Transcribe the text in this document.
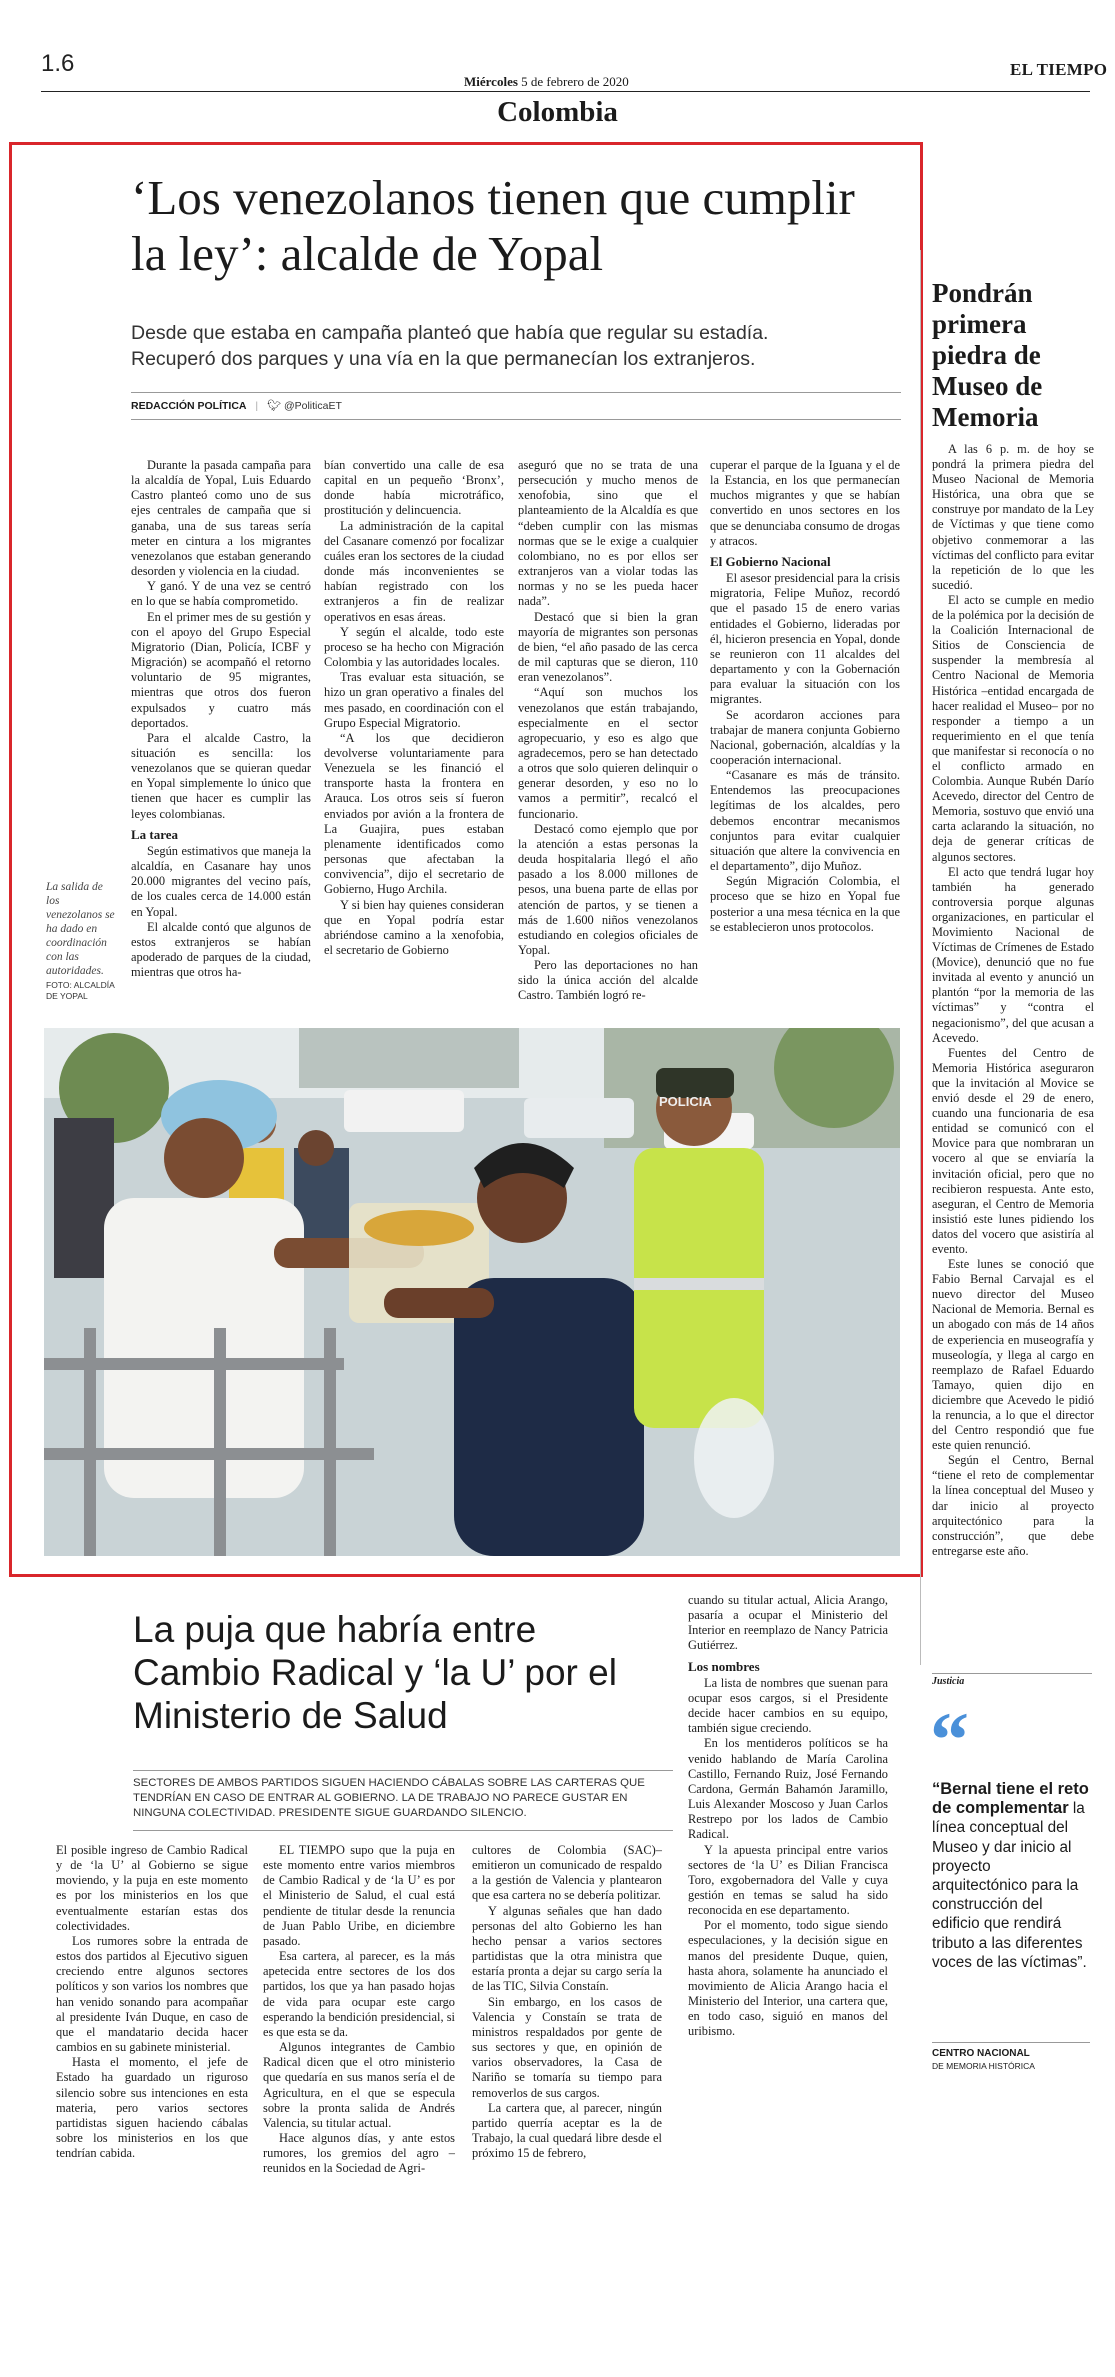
1.6
Miércoles 5 de febrero de 2020
EL TIEMPO
Colombia
‘Los venezolanos tienen que cumplir la ley’: alcalde de Yopal
Desde que estaba en campaña planteó que había que regular su estadía. Recuperó dos parques y una vía en la que permanecían los extranjeros.
REDACCIÓN POLÍTICA | 🐦︎ @PoliticaET
La salida de los venezolanos se ha dado en coordinación con las autoridades.
FOTO: ALCALDÍA DE YOPAL

Durante la pasada campaña para la alcaldía de Yopal, Luis Eduardo Castro planteó como uno de sus ejes centrales de campaña que si ganaba, una de sus tareas sería meter en cintura a los migrantes venezolanos que estaban generando desorden y violencia en la ciudad.

Y ganó. Y de una vez se centró en lo que se había comprometido.

En el primer mes de su gestión y con el apoyo del Grupo Especial Migratorio (Dian, Policía, ICBF y Migración) se acompañó el retorno voluntario de 95 migrantes, mientras que otros dos fueron expulsados y cuatro más deportados.

Para el alcalde Castro, la situación es sencilla: los venezolanos que se quieran quedar en Yopal simplemente lo único que tienen que hacer es cumplir las leyes colombianas.

La tarea

Según estimativos que maneja la alcaldía, en Casanare hay unos 20.000 migrantes del vecino país, de los cuales cerca de 14.000 están en Yopal.

El alcalde contó que algunos de estos extranjeros se habían apoderado de parques de la ciudad, mientras que otros ha-

bían convertido una calle de esa capital en un pequeño ‘Bronx’, donde había microtráfico, prostitución y delincuencia.

La administración de la capital del Casanare comenzó por focalizar cuáles eran los sectores de la ciudad donde más inconvenientes se habían registrado con los extranjeros a fin de realizar operativos en esas áreas.

Y según el alcalde, todo este proceso se ha hecho con Migración Colombia y las autoridades locales.

Tras evaluar esta situación, se hizo un gran operativo a finales del mes pasado, en coordinación con el Grupo Especial Migratorio.

“A los que decidieron devolverse voluntariamente para Venezuela se les financió el transporte hasta la frontera en Arauca. Los otros seis sí fueron enviados por avión a la frontera de La Guajira, pues estaban plenamente identificados como personas que afectaban la convivencia”, dijo el secretario de Gobierno, Hugo Archila.

Y si bien hay quienes consideran que en Yopal podría estar abriéndose camino a la xenofobia, el secretario de Gobierno

aseguró que no se trata de una persecución y mucho menos de xenofobia, sino que el planteamiento de la Alcaldía es que “deben cumplir con las mismas normas que se le exige a cualquier colombiano, no es por ellos ser extranjeros van a violar todas las normas y no se les pueda hacer nada”.

Destacó que si bien la gran mayoría de migrantes son personas de bien, “el año pasado de las cerca de mil capturas que se dieron, 110 eran venezolanos”.

“Aquí son muchos los venezolanos que están trabajando, especialmente en el sector agropecuario, y eso es algo que agradecemos, pero se han detectado a otros que solo quieren delinquir o generar desorden, y eso no lo vamos a permitir”, recalcó el funcionario.

Destacó como ejemplo que por la atención a estas personas la deuda hospitalaria llegó el año pasado a los 8.000 millones de pesos, una buena parte de ellas por atención de partos, y se tienen a más de 1.600 niños venezolanos estudiando en colegios oficiales de Yopal.

Pero las deportaciones no han sido la única acción del alcalde Castro. También logró re-

cuperar el parque de la Iguana y el de la Estancia, en los que permanecían muchos migrantes y que se habían convertido en unos sectores en los que se denunciaba consumo de drogas y atracos.

El Gobierno Nacional

El asesor presidencial para la crisis migratoria, Felipe Muñoz, recordó que el pasado 15 de enero varias entidades el Gobierno, lideradas por él, hicieron presencia en Yopal, donde se reunieron con 11 alcaldes del departamento y con la Gobernación para evaluar la situación con los migrantes.

Se acordaron acciones para trabajar de manera conjunta Gobierno Nacional, gobernación, alcaldías y la cooperación internacional.

“Casanare es más de tránsito. Entendemos las preocupaciones legítimas de los alcaldes, pero debemos encontrar mecanismos conjuntos para evitar cualquier situación que altere la convivencia en el departamento”, dijo Muñoz.

Según Migración Colombia, el proceso que se hizo en Yopal fue posterior a una mesa técnica en la que se establecieron unos protocolos.

POLICIA
Pondrán primera piedra de Museo de Memoria

A las 6 p. m. de hoy se pondrá la primera piedra del Museo Nacional de Memoria Histórica, una obra que se construye por mandato de la Ley de Víctimas y que tiene como objetivo conmemorar a las víctimas del conflicto para evitar la repetición de lo que les sucedió.

El acto se cumple en medio de la polémica por la decisión de la Coalición Internacional de Sitios de Consciencia de suspender la membresía al Centro Nacional de Memoria Histórica –entidad encargada de hacer realidad el Museo– por no responder a tiempo a un requerimiento en el que tenía que manifestar si reconocía o no el conflicto armado en Colombia. Aunque Rubén Darío Acevedo, director del Centro de Memoria, sostuvo que envió una carta aclarando la situación, no deja de generar críticas de algunos sectores.

El acto que tendrá lugar hoy también ha generado controversia porque algunas organizaciones, en particular el Movimiento Nacional de Víctimas de Crímenes de Estado (Movice), denunció que no fue invitada al evento y anunció un plantón “por la memoria de las víctimas” y “contra el negacionismo”, del que acusan a Acevedo.

Fuentes del Centro de Memoria Histórica aseguraron que la invitación al Movice se envió desde el 29 de enero, cuando una funcionaria de esa entidad se comunicó con el Movice para que nombraran un vocero al que se enviaría la invitación oficial, pero que no recibieron respuesta. Ante esto, aseguran, el Centro de Memoria insistió este lunes pidiendo los datos del vocero que asistiría al evento.

Este lunes se conoció que Fabio Bernal Carvajal es el nuevo director del Museo Nacional de Memoria. Bernal es un abogado con más de 14 años de experiencia en museografía y museología, y llega al cargo en reemplazo de Rafael Eduardo Tamayo, quien dijo en diciembre que Acevedo le pidió la renuncia, a lo que el director del Centro respondió que fue este quien renunció.

Según el Centro, Bernal “tiene el reto de complementar la línea conceptual del Museo y dar inicio al proyecto arquitectónico para la construcción”, que debe entregarse este año.

Justicia
“
“Bernal tiene el reto de complementar la línea conceptual del Museo y dar inicio al proyecto arquitectónico para la construcción del edificio que rendirá tributo a las diferentes voces de las víctimas”.
CENTRO NACIONAL
DE MEMORIA HISTÓRICA
La puja que habría entre Cambio Radical y ‘la U’ por el Ministerio de Salud
SECTORES DE AMBOS PARTIDOS SIGUEN HACIENDO CÁBALAS SOBRE LAS CARTERAS QUE TENDRÍAN EN CASO DE ENTRAR AL GOBIERNO. LA DE TRABAJO NO PARECE GUSTAR EN NINGUNA COLECTIVIDAD. PRESIDENTE SIGUE GUARDANDO SILENCIO.

El posible ingreso de Cambio Radical y de ‘la U’ al Gobierno se sigue moviendo, y la puja en este momento es por los ministerios en los que eventualmente estarían estas dos colectividades.

Los rumores sobre la entrada de estos dos partidos al Ejecutivo siguen creciendo entre algunos sectores políticos y son varios los nombres que han venido sonando para acompañar al presidente Iván Duque, en caso de que el mandatario decida hacer cambios en su gabinete ministerial.

Hasta el momento, el jefe de Estado ha guardado un riguroso silencio sobre sus intenciones en esta materia, pero varios sectores partidistas siguen haciendo cábalas sobre los ministerios en los que tendrían cabida.

EL TIEMPO supo que la puja en este momento entre varios miembros de Cambio Radical y de ‘la U’ es por el Ministerio de Salud, el cual está pendiente de titular desde la renuncia de Juan Pablo Uribe, en diciembre pasado.

Esa cartera, al parecer, es la más apetecida entre sectores de los dos partidos, los que ya han pasado hojas de vida para ocupar este cargo esperando la bendición presidencial, si es que esta se da.

Algunos integrantes de Cambio Radical dicen que el otro ministerio que quedaría en sus manos sería el de Agricultura, en el que se especula sobre la pronta salida de Andrés Valencia, su titular actual.

Hace algunos días, y ante estos rumores, los gremios del agro –reunidos en la Sociedad de Agri-

cultores de Colombia (SAC)– emitieron un comunicado de respaldo a la gestión de Valencia y plantearon que esa cartera no se debería politizar.

Y algunas señales que han dado personas del alto Gobierno les han hecho pensar a varios sectores partidistas que la otra ministra que estaría pronta a dejar su cargo sería la de las TIC, Silvia Constaín.

Sin embargo, en los casos de Valencia y Constaín se trata de ministros respaldados por gente de sus sectores y que, en opinión de varios observadores, la Casa de Nariño se tomaría su tiempo para removerlos de sus cargos.

La cartera que, al parecer, ningún partido querría aceptar es la de Trabajo, la cual quedará libre desde el próximo 15 de febrero,

cuando su titular actual, Alicia Arango, pasaría a ocupar el Ministerio del Interior en reemplazo de Nancy Patricia Gutiérrez.

Los nombres

La lista de nombres que suenan para ocupar esos cargos, si el Presidente decide hacer cambios en su equipo, también sigue creciendo.

En los mentideros políticos se ha venido hablando de María Carolina Castillo, Fernando Ruiz, José Fernando Cardona, Germán Bahamón Jaramillo, Luis Alexander Moscoso y Juan Carlos Restrepo por los lados de Cambio Radical.

Y la apuesta principal entre varios sectores de ‘la U’ es Dilian Francisca Toro, exgobernadora del Valle y cuya gestión en temas se salud ha sido reconocida en ese departamento.

Por el momento, todo sigue siendo especulaciones, y la decisión sigue en manos del presidente Duque, quien, hasta ahora, solamente ha anunciado el movimiento de Alicia Arango hacia el Ministerio del Interior, una cartera que, en todo caso, siguió en manos del uribismo.
